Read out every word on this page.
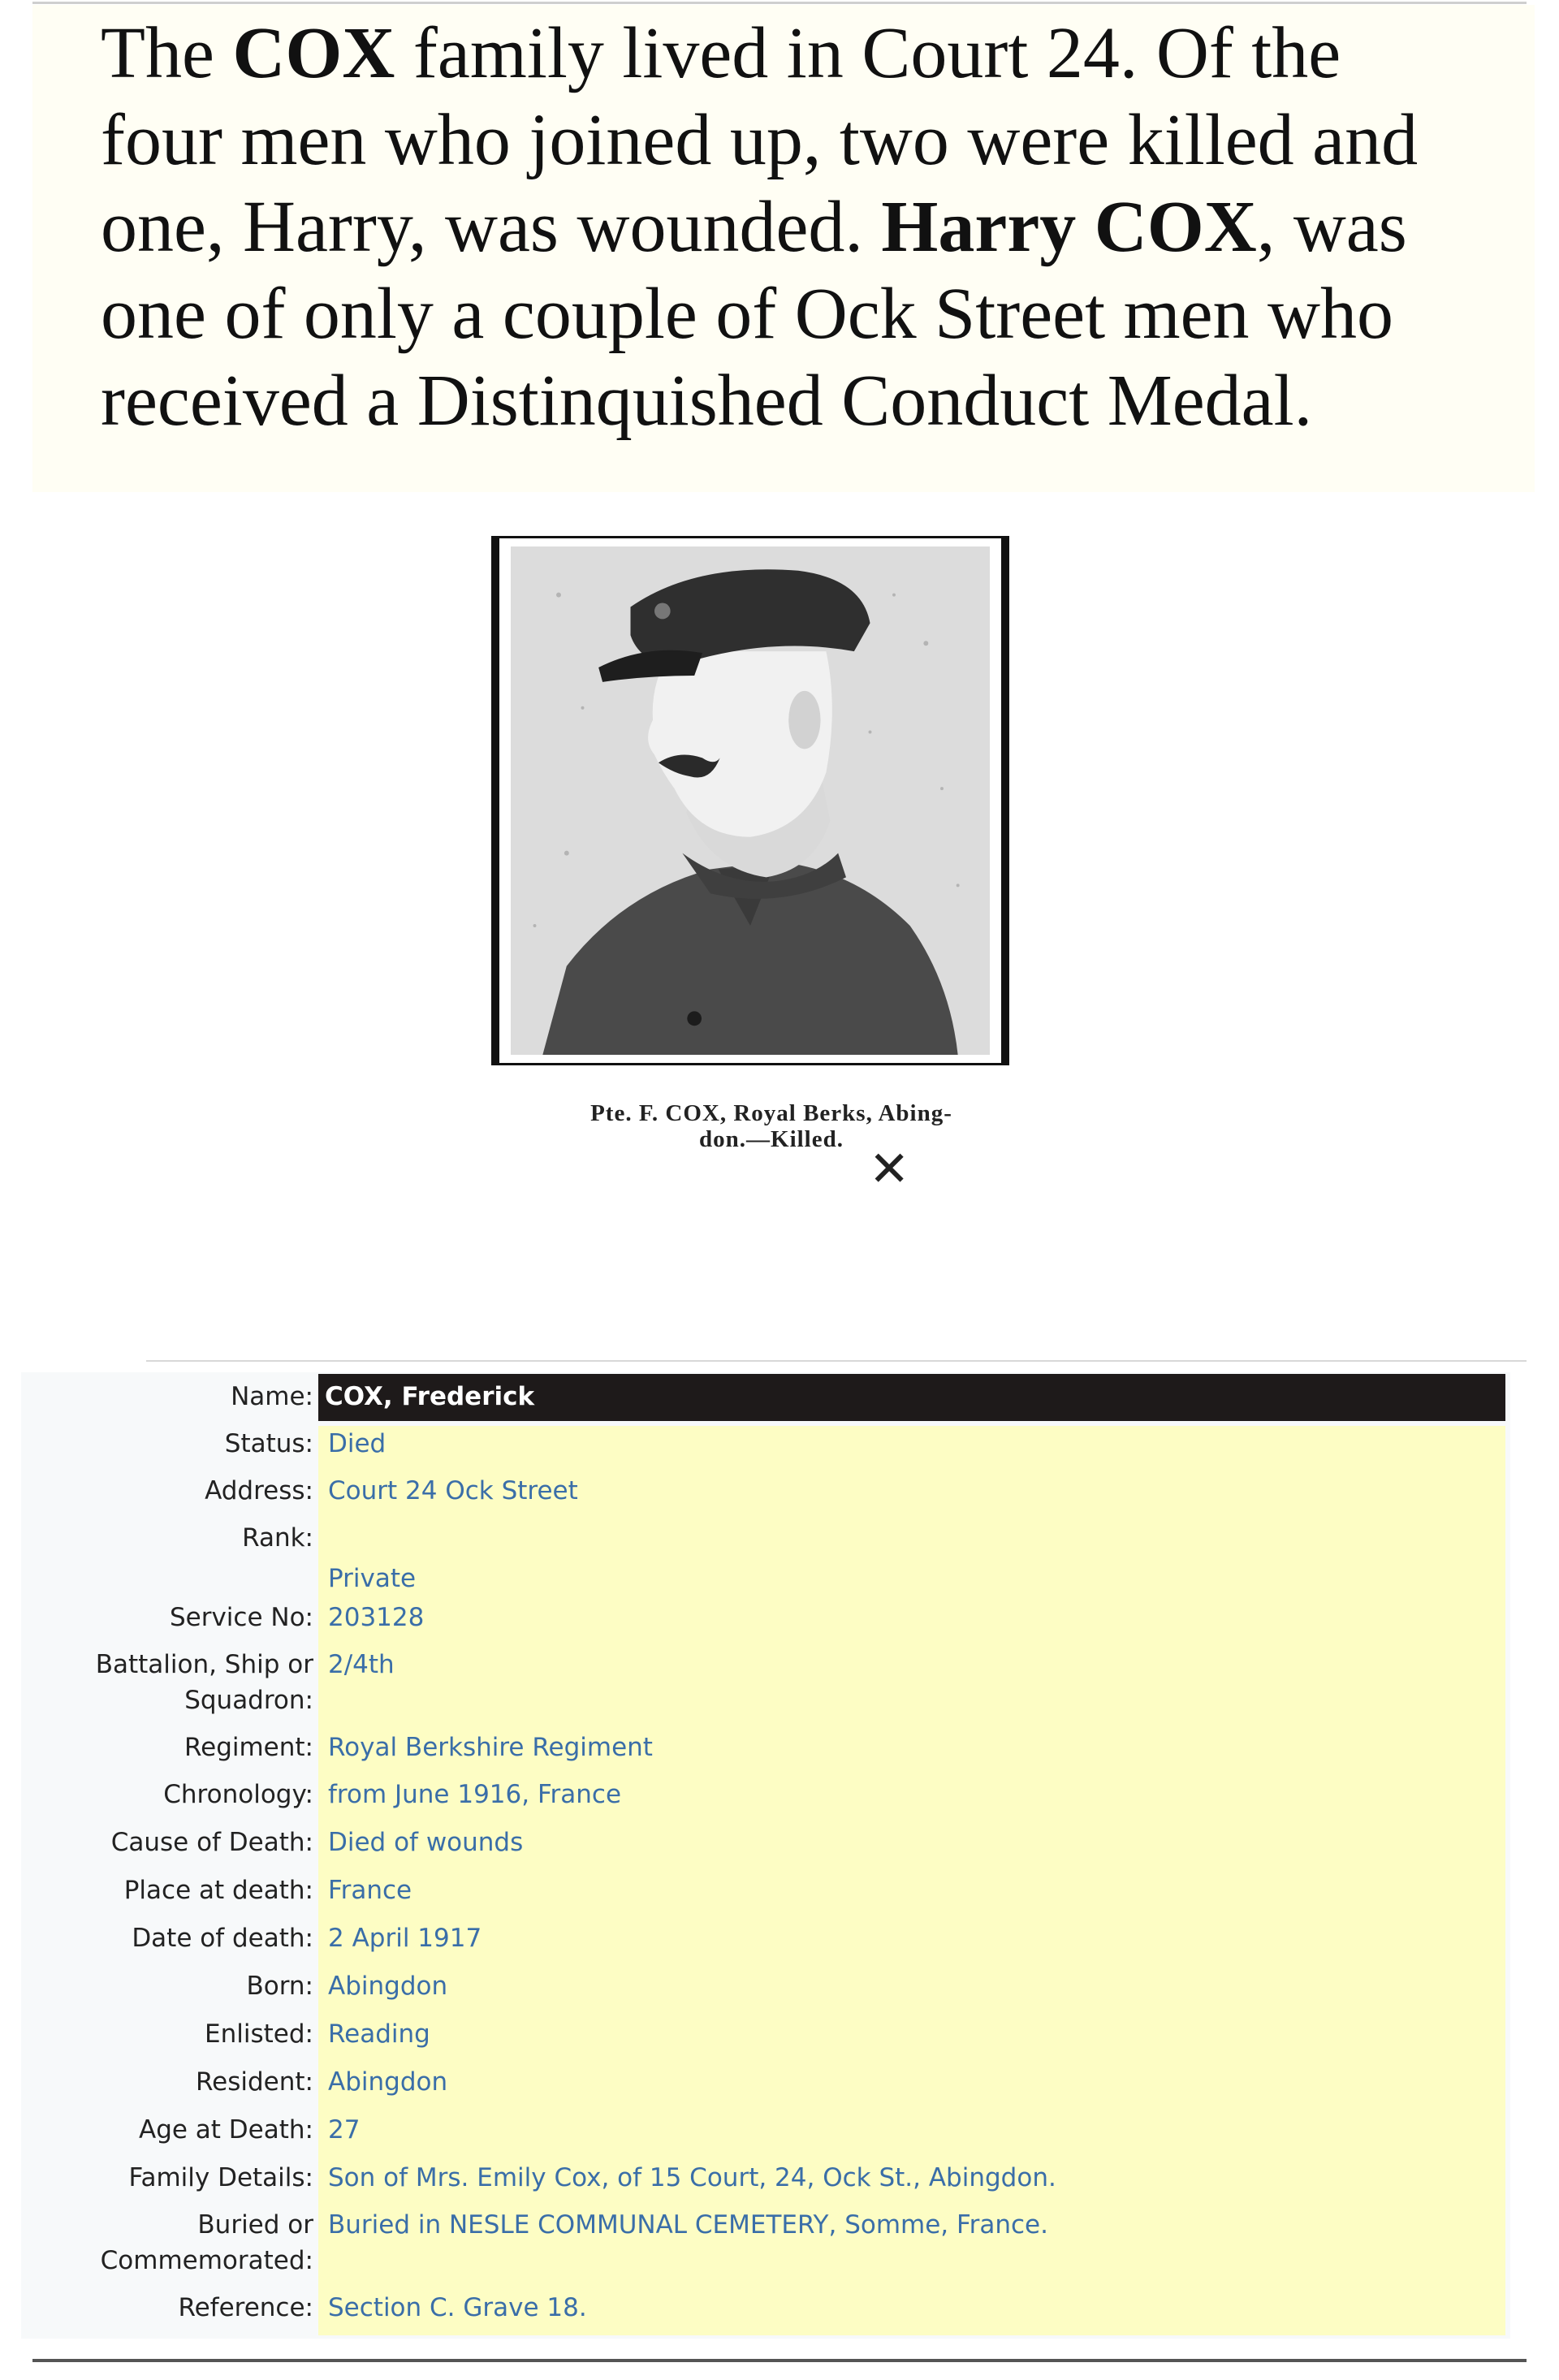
The COX family lived in Court 24. Of the
four men who joined up, two were killed and
one, Harry, was wounded. Harry COX, was
one of only a couple of Ock Street men who
received a Distinquished Conduct Medal.
Pte. F. COX, Royal Berks, Abing-
don.—Killed.
✕
COX, Frederick
Name:
Status: Died
Address: Court 24 Ock Street
Rank:
Private
Service No: 203128
Battalion, Ship or Squadron:
2/4th
Regiment: Royal Berkshire Regiment
Chronology: from June 1916, France
Cause of Death: Died of wounds
Place at death: France
Date of death: 2 April 1917
Born: Abingdon
Enlisted: Reading
Resident: Abingdon
Age at Death: 27
Family Details: Son of Mrs. Emily Cox, of 15 Court, 24, Ock St., Abingdon.
Buried or Commemorated:
Buried in NESLE COMMUNAL CEMETERY, Somme, France.
Reference: Section C. Grave 18.
